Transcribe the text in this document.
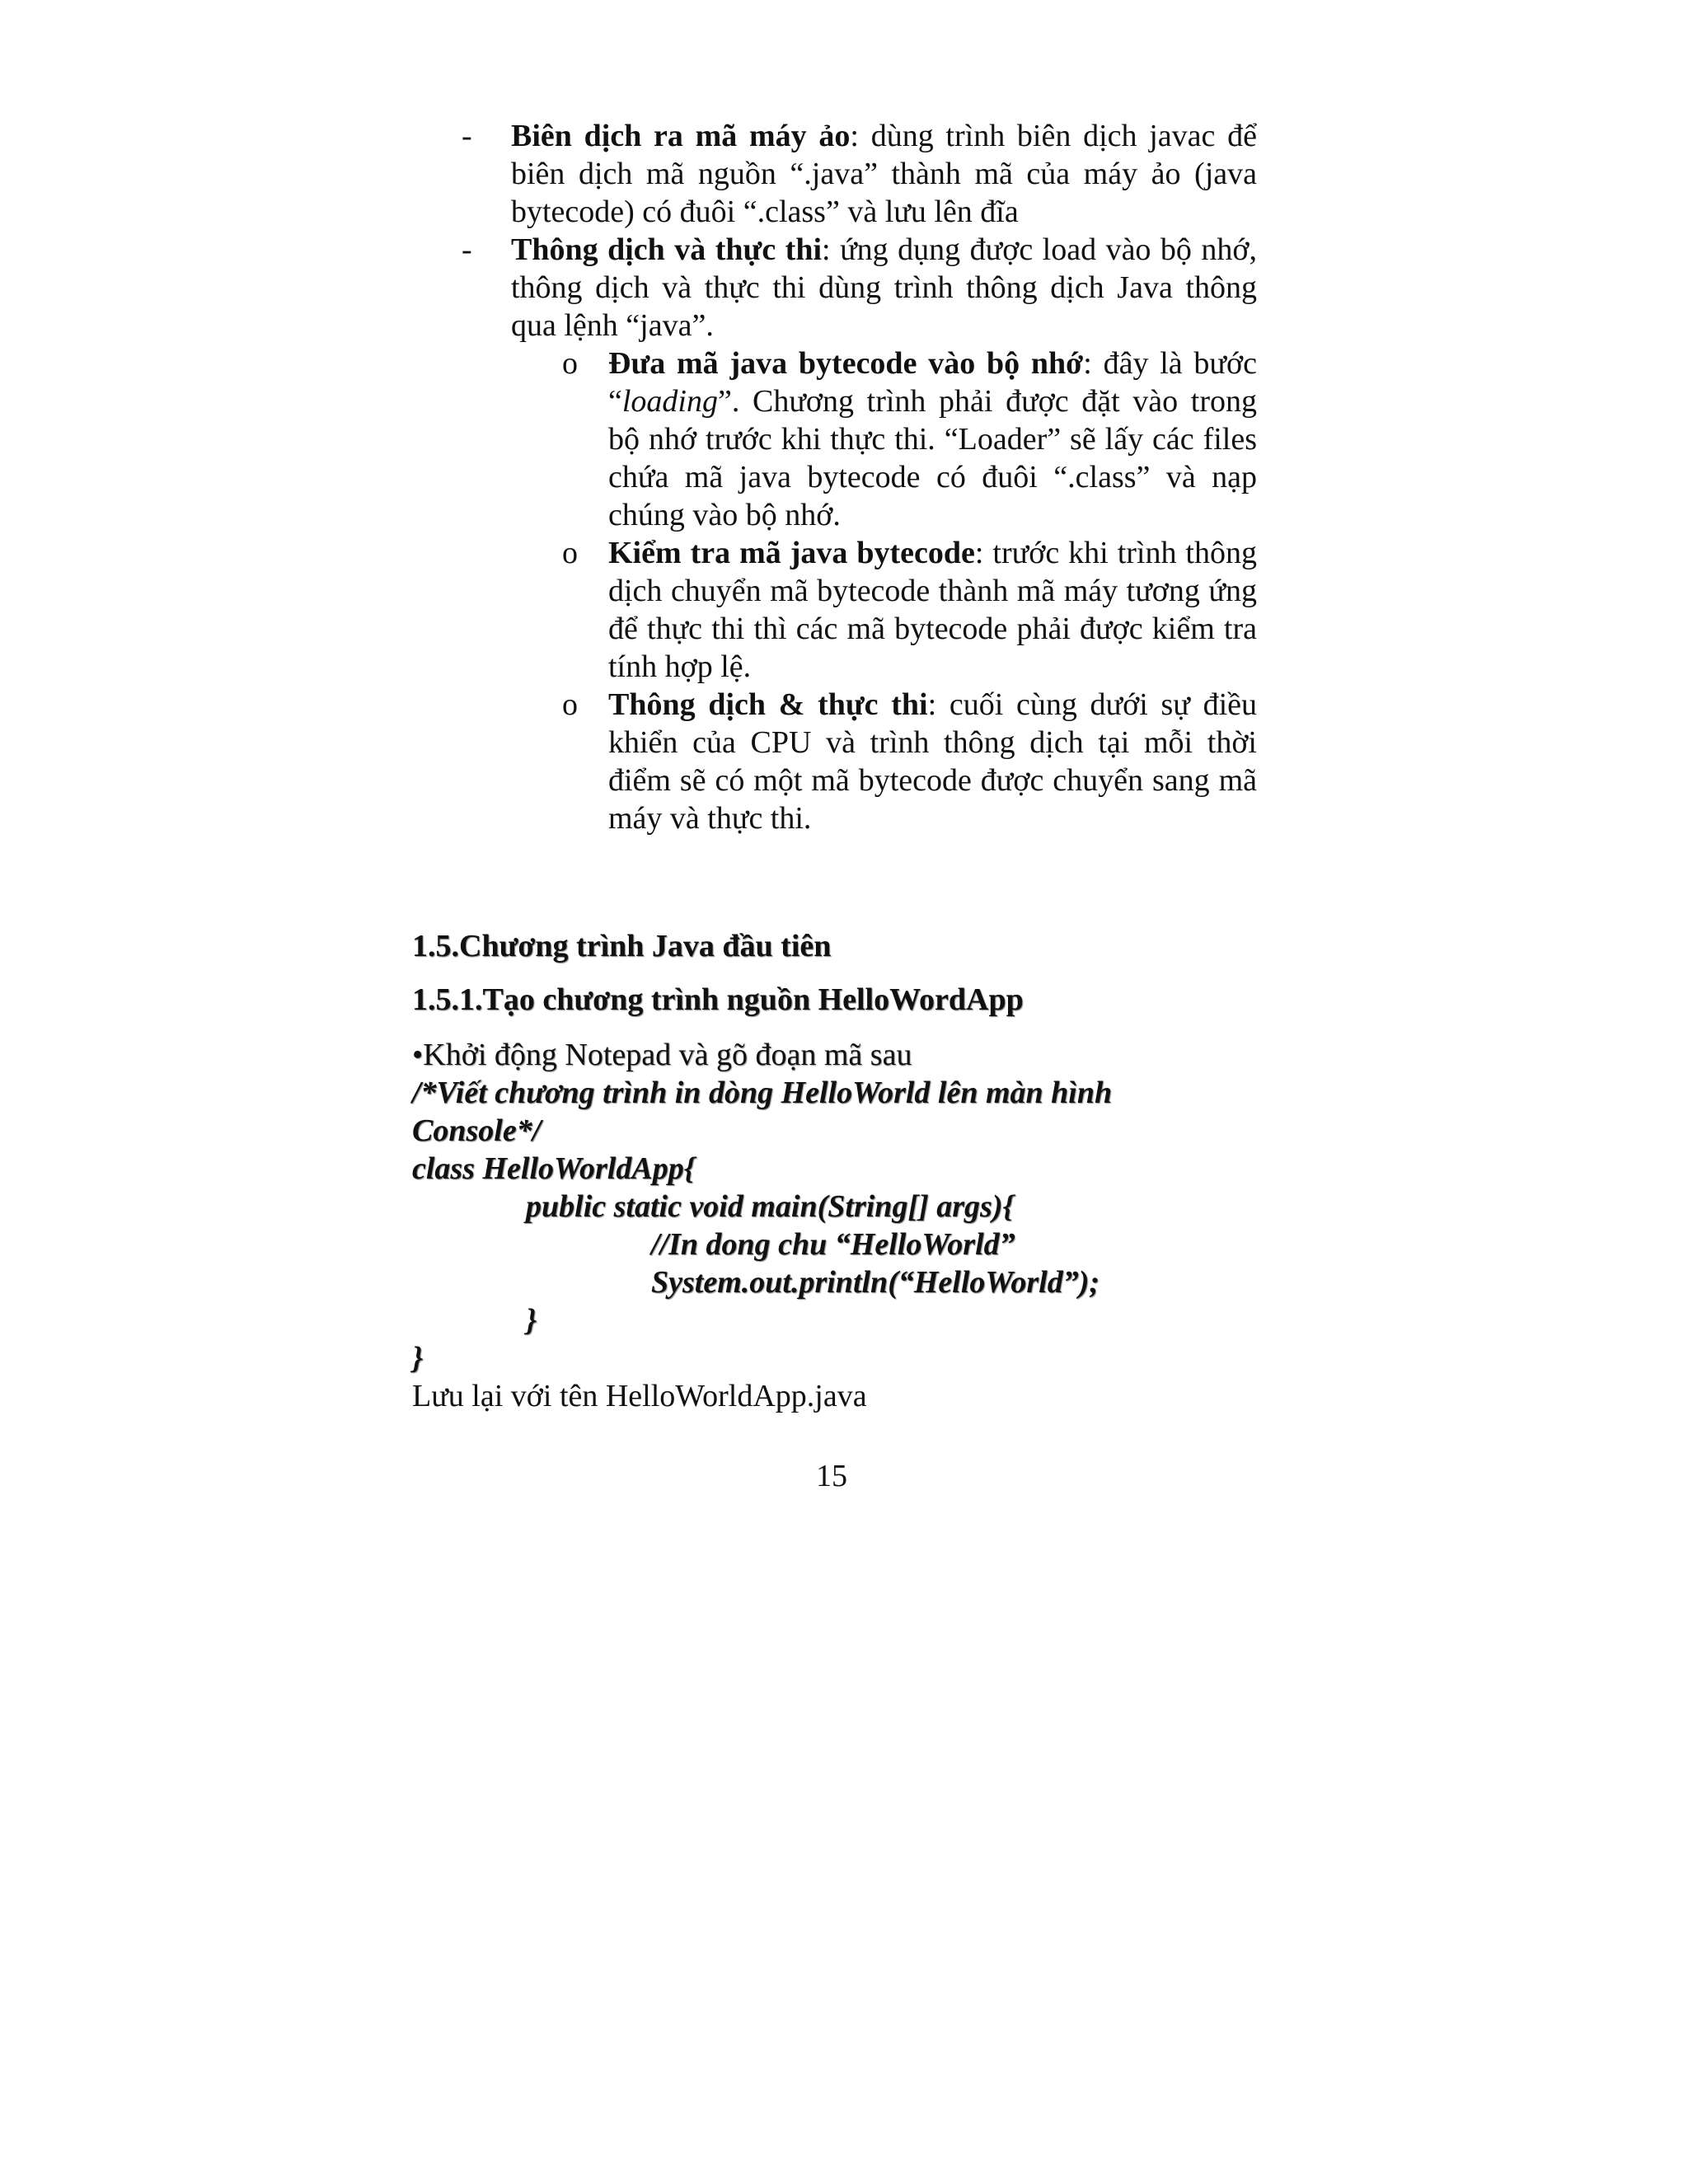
- Biên dịch ra mã máy ảo: dùng trình biên dịch javac để biên dịch mã nguồn “.java” thành mã của máy ảo (java bytecode) có đuôi “.class” và lưu lên đĩa
- Thông dịch và thực thi: ứng dụng được load vào bộ nhớ, thông dịch và thực thi dùng trình thông dịch Java thông qua lệnh “java”.
o Đưa mã java bytecode vào bộ nhớ: đây là bước “loading”. Chương trình phải được đặt vào trong bộ nhớ trước khi thực thi. “Loader” sẽ lấy các files chứa mã java bytecode có đuôi “.class” và nạp chúng vào bộ nhớ.
o Kiểm tra mã java bytecode: trước khi trình thông dịch chuyển mã bytecode thành mã máy tương ứng để thực thi thì các mã bytecode phải được kiểm tra tính hợp lệ.
o Thông dịch & thực thi: cuối cùng dưới sự điều khiển của CPU và trình thông dịch tại mỗi thời điểm sẽ có một mã bytecode được chuyển sang mã máy và thực thi.
1.5.Chương trình Java đầu tiên
1.5.1.Tạo chương trình nguồn HelloWordApp
•Khởi động Notepad và gõ đoạn mã sau
/*Viết chương trình in dòng HelloWorld lên màn hình
Console*/
class HelloWorldApp{
public static void main(String[] args){
//In dong chu “HelloWorld”
System.out.println(“HelloWorld”);
}
}
Lưu lại với tên HelloWorldApp.java
15
